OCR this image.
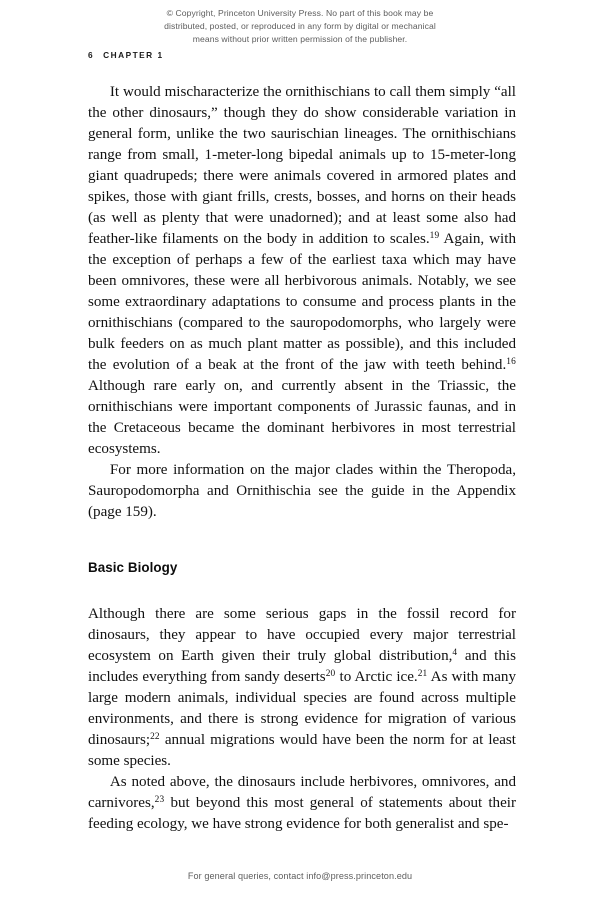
© Copyright, Princeton University Press. No part of this book may be
distributed, posted, or reproduced in any form by digital or mechanical
means without prior written permission of the publisher.
6 CHAPTER 1

It would mischaracterize the ornithischians to call them simply “all the other dinosaurs,” though they do show considerable variation in general form, unlike the two saurischian lineages. The ornithischians range from small, 1-meter-long bipedal animals up to 15-meter-long giant quadrupeds; there were animals covered in armored plates and spikes, those with giant frills, crests, bosses, and horns on their heads (as well as plenty that were unadorned); and at least some also had feather-like filaments on the body in addition to scales.$^{19}$ Again, with the exception of perhaps a few of the earliest taxa which may have been omnivores, these were all herbivorous animals. Notably, we see some extraordinary adaptations to consume and process plants in the ornithischians (compared to the sauropodomorphs, who largely were bulk feeders on as much plant matter as possible), and this included the evolution of a beak at the front of the jaw with teeth behind.$^{16}$ Although rare early on, and currently absent in the Triassic, the ornithischians were important components of Jurassic faunas, and in the Cretaceous became the dominant herbivores in most terrestrial ecosystems.

For more information on the major clades within the Theropoda, Sauropodomorpha and Ornithischia see the guide in the Appendix (page 159).

Basic Biology

Although there are some serious gaps in the fossil record for dinosaurs, they appear to have occupied every major terrestrial ecosystem on Earth given their truly global distribution,$^4$ and this includes everything from sandy deserts$^{20}$ to Arctic ice.$^{21}$ As with many large modern animals, individual species are found across multiple environments, and there is strong evidence for migration of various dinosaurs;$^{22}$ annual migrations would have been the norm for at least some species.

As noted above, the dinosaurs include herbivores, omnivores, and carnivores,$^{23}$ but beyond this most general of statements about their feeding ecology, we have strong evidence for both generalist and spe-

For general queries, contact info@press.princeton.edu
